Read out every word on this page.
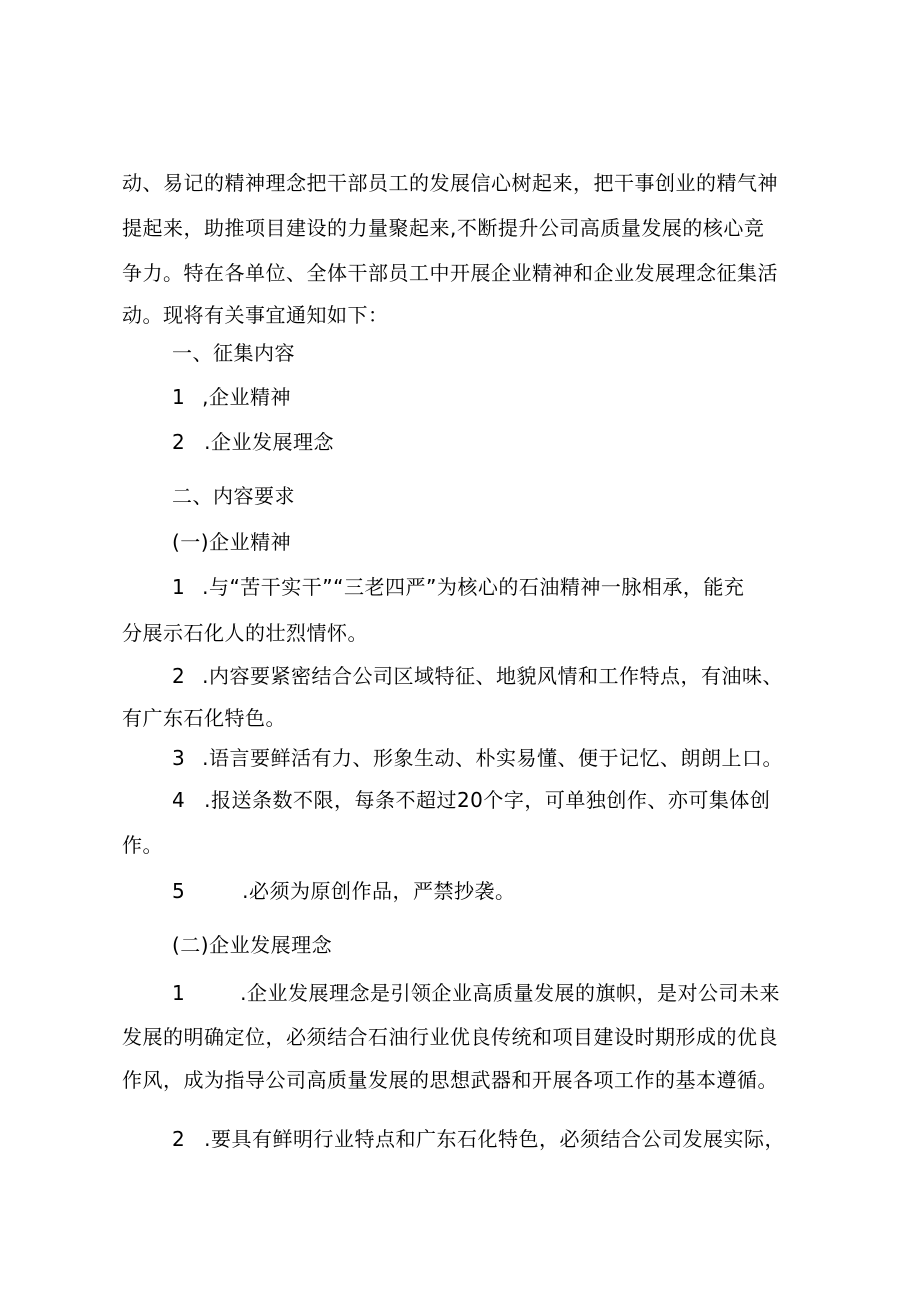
动、易记的精神理念把干部员工的发展信心树起来，把干事创业的精气神
提起来，助推项目建设的力量聚起来,不断提升公司高质量发展的核心竞
争力。特在各单位、全体干部员工中开展企业精神和企业发展理念征集活
动。现将有关事宜通知如下：
一、征集内容
1 ,企业精神
2 .企业发展理念
二、内容要求
(一)企业精神
1 .与“苦干实干”“三老四严”为核心的石油精神一脉相承，能充
分展示石化人的壮烈情怀。
2 .内容要紧密结合公司区域特征、地貌风情和工作特点，有油味、
有广东石化特色。
3 .语言要鲜活有力、形象生动、朴实易懂、便于记忆、朗朗上口。
4 .报送条数不限，每条不超过20个字，可单独创作、亦可集体创
作。
5	.必须为原创作品，严禁抄袭。
(二)企业发展理念
1	.企业发展理念是引领企业高质量发展的旗帜，是对公司未来
发展的明确定位，必须结合石油行业优良传统和项目建设时期形成的优良
作风，成为指导公司高质量发展的思想武器和开展各项工作的基本遵循。
2 .要具有鲜明行业特点和广东石化特色，必须结合公司发展实际，
